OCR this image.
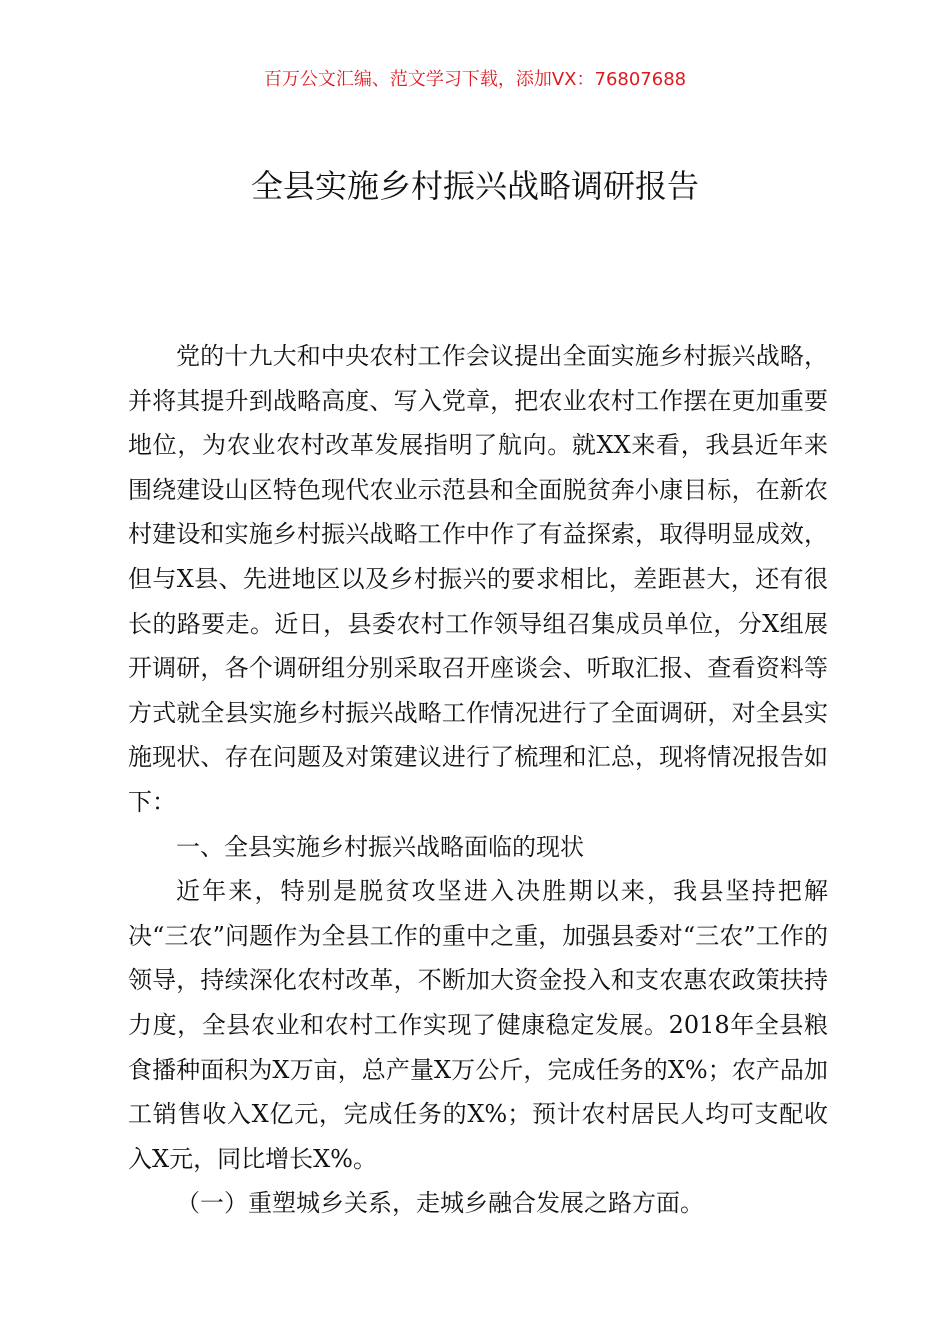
百万公文汇编、范文学习下载，添加VX：76807688
全县实施乡村振兴战略调研报告

党的十九大和中央农村工作会议提出全面实施乡村振兴战略，并将其提升到战略高度、写入党章，把农业农村工作摆在更加重要地位，为农业农村改革发展指明了航向。就XX来看，我县近年来围绕建设山区特色现代农业示范县和全面脱贫奔小康目标，在新农村建设和实施乡村振兴战略工作中作了有益探索，取得明显成效，但与X县、先进地区以及乡村振兴的要求相比，差距甚大，还有很长的路要走。近日，县委农村工作领导组召集成员单位，分X组展开调研，各个调研组分别采取召开座谈会、听取汇报、查看资料等方式就全县实施乡村振兴战略工作情况进行了全面调研，对全县实施现状、存在问题及对策建议进行了梳理和汇总，现将情况报告如下：

一、全县实施乡村振兴战略面临的现状

近年来，特别是脱贫攻坚进入决胜期以来，我县坚持把解决“三农”问题作为全县工作的重中之重，加强县委对“三农”工作的领导，持续深化农村改革，不断加大资金投入和支农惠农政策扶持力度，全县农业和农村工作实现了健康稳定发展。2018年全县粮食播种面积为X万亩，总产量X万公斤，完成任务的X%；农产品加工销售收入X亿元，完成任务的X%；预计农村居民人均可支配收入X元，同比增长X%。

（一）重塑城乡关系，走城乡融合发展之路方面。
